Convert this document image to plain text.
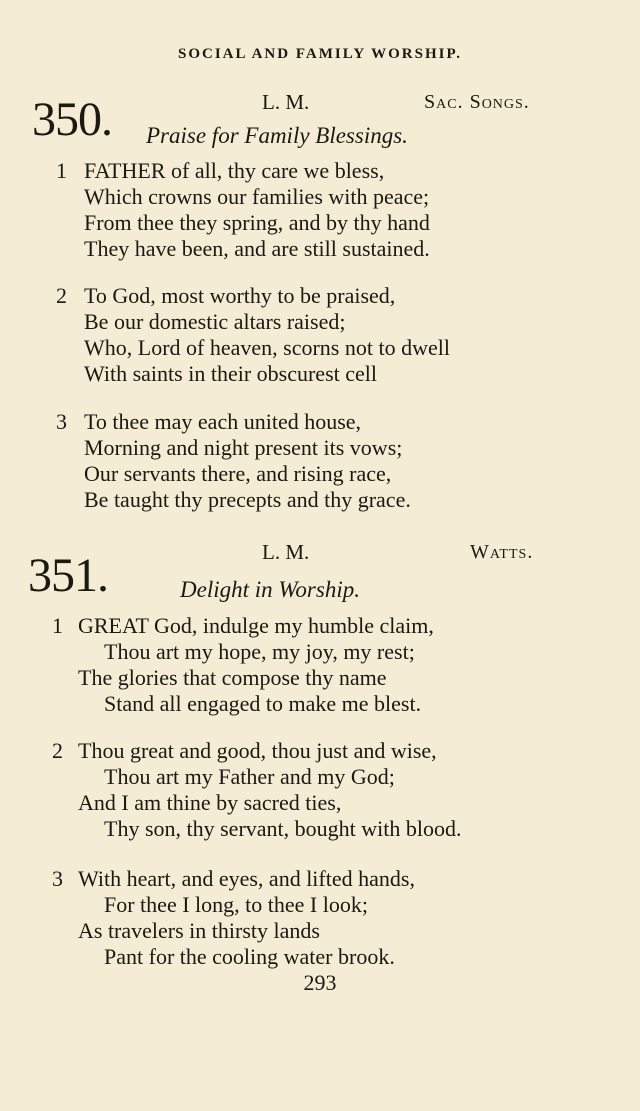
SOCIAL AND FAMILY WORSHIP.
350.	L. M.	Sac. Songs.
Praise for Family Blessings.
1 FATHER of all, thy care we bless,
Which crowns our families with peace;
From thee they spring, and by thy hand
They have been, and are still sustained.
2 To God, most worthy to be praised,
Be our domestic altars raised;
Who, Lord of heaven, scorns not to dwell
With saints in their obscurest cell
3 To thee may each united house,
Morning and night present its vows;
Our servants there, and rising race,
Be taught thy precepts and thy grace.
351.	L. M.	Watts.
Delight in Worship.
1 GREAT God, indulge my humble claim,
Thou art my hope, my joy, my rest;
The glories that compose thy name
Stand all engaged to make me blest.
2 Thou great and good, thou just and wise,
Thou art my Father and my God;
And I am thine by sacred ties,
Thy son, thy servant, bought with blood.
3 With heart, and eyes, and lifted hands,
For thee I long, to thee I look;
As travelers in thirsty lands
Pant for the cooling water brook.
293
